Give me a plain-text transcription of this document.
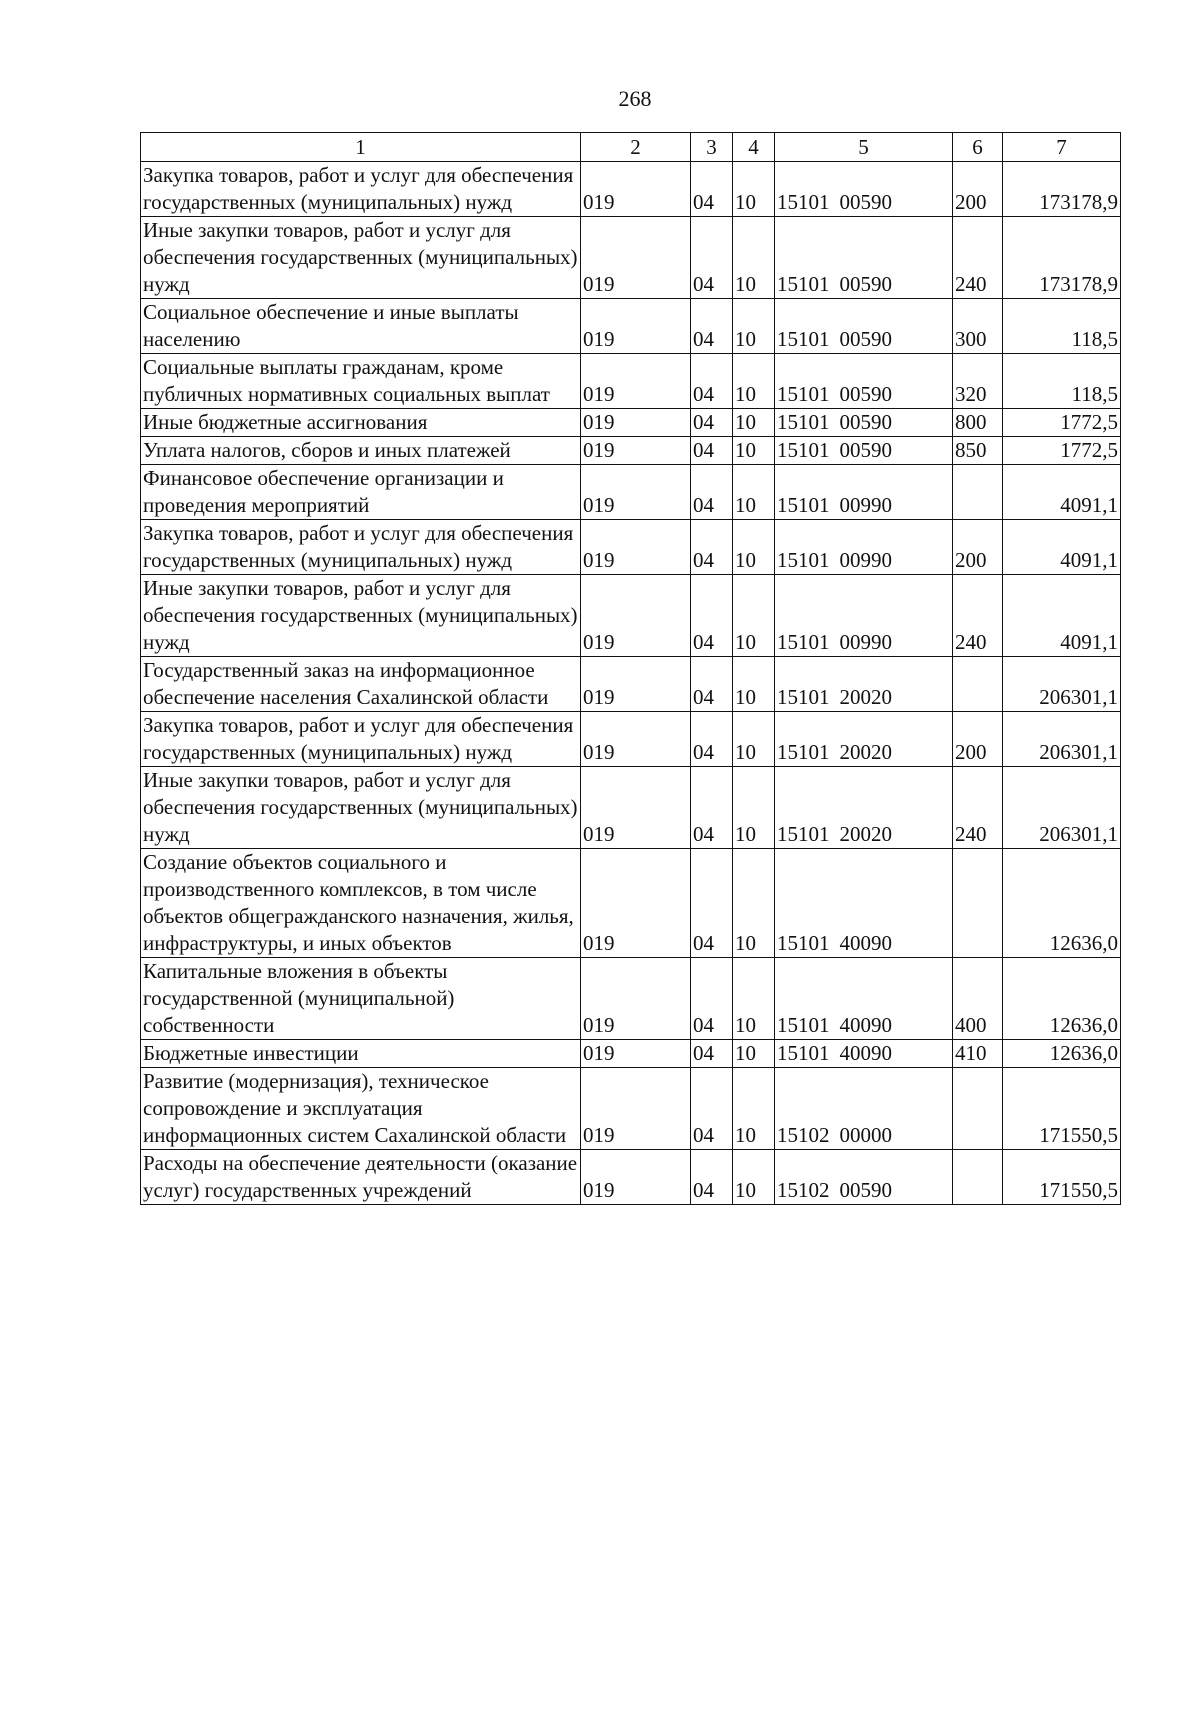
268
1	2	3	4	5	6	7
Закупка товаров, работ и услуг для обеспечения государственных (муниципальных) нужд	019	04	10	15101 00590	200	173178,9
Иные закупки товаров, работ и услуг для обеспечения государственных (муниципальных) нужд	019	04	10	15101 00590	240	173178,9
Социальное обеспечение и иные выплаты населению	019	04	10	15101 00590	300	118,5
Социальные выплаты гражданам, кроме публичных нормативных социальных выплат	019	04	10	15101 00590	320	118,5
Иные бюджетные ассигнования	019	04	10	15101 00590	800	1772,5
Уплата налогов, сборов и иных платежей	019	04	10	15101 00590	850	1772,5
Финансовое обеспечение организации и проведения мероприятий	019	04	10	15101 00990		4091,1
Закупка товаров, работ и услуг для обеспечения государственных (муниципальных) нужд	019	04	10	15101 00990	200	4091,1
Иные закупки товаров, работ и услуг для обеспечения государственных (муниципальных) нужд	019	04	10	15101 00990	240	4091,1
Государственный заказ на информационное обеспечение населения Сахалинской области	019	04	10	15101 20020		206301,1
Закупка товаров, работ и услуг для обеспечения государственных (муниципальных) нужд	019	04	10	15101 20020	200	206301,1
Иные закупки товаров, работ и услуг для обеспечения государственных (муниципальных) нужд	019	04	10	15101 20020	240	206301,1
Создание объектов социального и производственного комплексов, в том числе объектов общегражданского назначения, жилья, инфраструктуры, и иных объектов	019	04	10	15101 40090		12636,0
Капитальные вложения в объекты государственной (муниципальной) собственности	019	04	10	15101 40090	400	12636,0
Бюджетные инвестиции	019	04	10	15101 40090	410	12636,0
Развитие (модернизация), техническое сопровождение и эксплуатация информационных систем Сахалинской области	019	04	10	15102 00000		171550,5
Расходы на обеспечение деятельности (оказание услуг) государственных учреждений	019	04	10	15102 00590		171550,5
